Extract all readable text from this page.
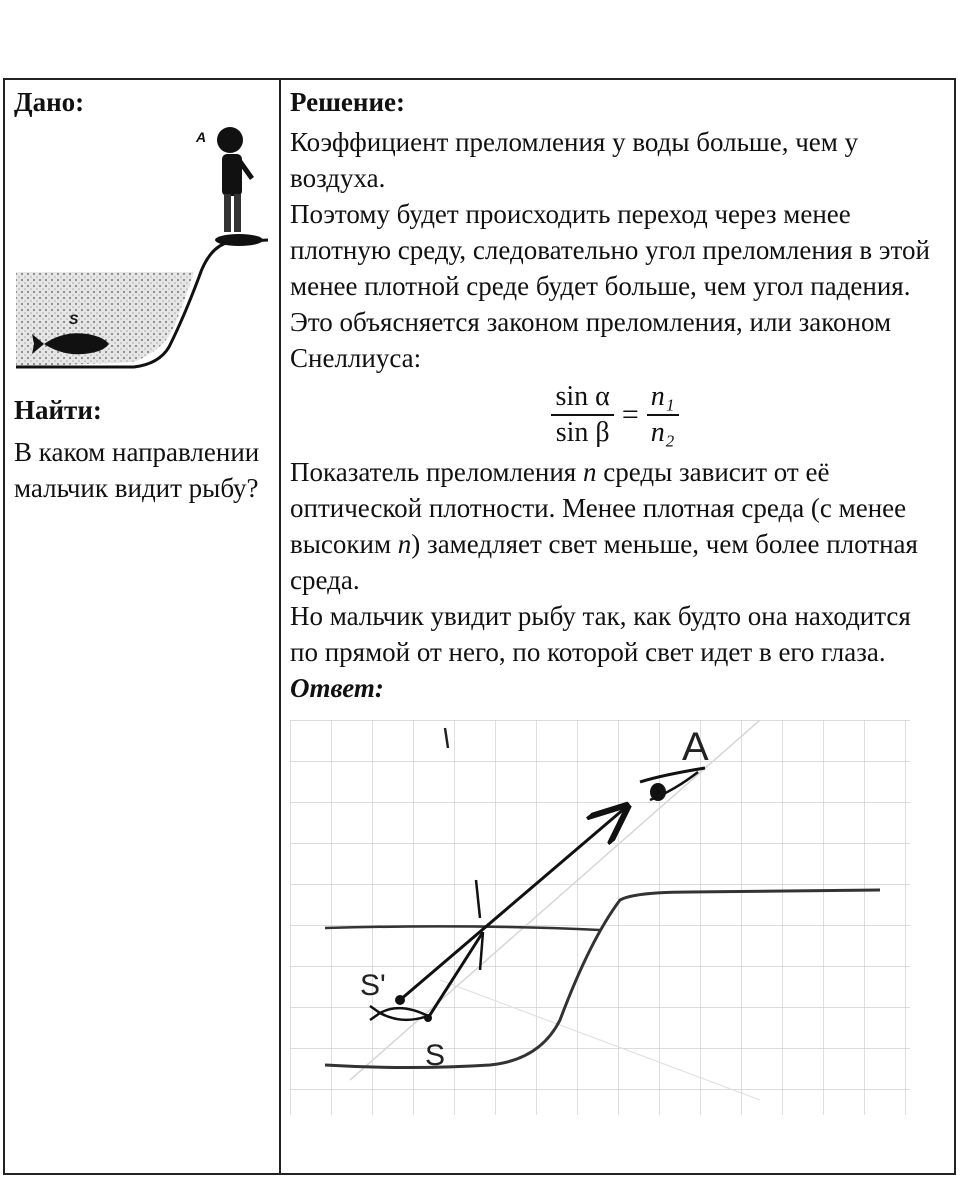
Дано:
S
A
Найти:
В каком направлении мальчик видит рыбу?
Решение:

Коэффициент преломления у воды больше, чем у воздуха.

Поэтому будет происходить переход через менее плотную среду, следовательно угол преломления в этой менее плотной среде будет больше, чем угол падения. Это объясняется законом преломления, или законом Снеллиуса:

$\frac{\text{sin α}}{\text{sin β}} = \frac{\text{n₁}}{\text{n₂}}$

Показатель преломления n среды зависит от её оптической плотности. Менее плотная среда (с менее высоким n) замедляет свет меньше, чем более плотная среда.

Но мальчик увидит рыбу так, как будто она находится по прямой от него, по которой свет идет в его глаза.

Ответ:
A
S'
S
